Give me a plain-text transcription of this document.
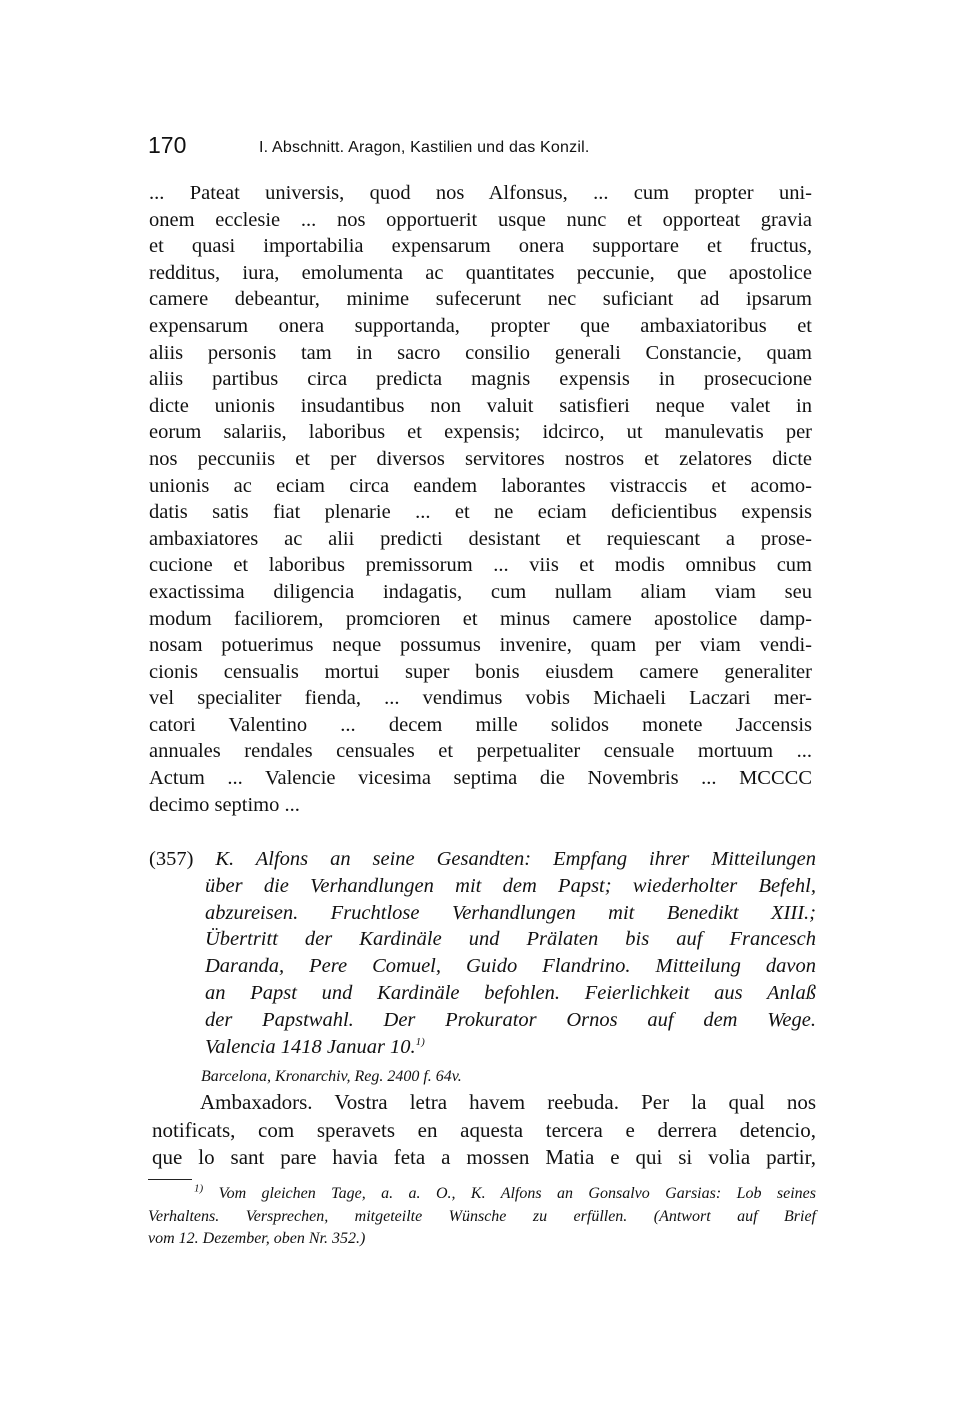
170	I. Abschnitt. Aragon, Kastilien und das Konzil.
... Pateat universis, quod nos Alfonsus, ... cum propter uni-
onem ecclesie ... nos opportuerit usque nunc et opporteat gravia
et quasi importabilia expensarum onera supportare et fructus,
redditus, iura, emolumenta ac quantitates peccunie, que apostolice
camere debeantur, minime sufecerunt nec suficiant ad ipsarum
expensarum onera supportanda, propter que ambaxiatoribus et
aliis personis tam in sacro consilio generali Constancie, quam
aliis partibus circa predicta magnis expensis in prosecucione
dicte unionis insudantibus non valuit satisfieri neque valet in
eorum salariis, laboribus et expensis; idcirco, ut manulevatis per
nos peccuniis et per diversos servitores nostros et zelatores dicte
unionis ac eciam circa eandem laborantes vistraccis et acomo-
datis satis fiat plenarie ... et ne eciam deficientibus expensis
ambaxiatores ac alii predicti desistant et requiescant a prose-
cucione et laboribus premissorum ... viis et modis omnibus cum
exactissima diligencia indagatis, cum nullam aliam viam seu
modum faciliorem, promcioren et minus camere apostolice damp-
nosam potuerimus neque possumus invenire, quam per viam vendi-
cionis censualis mortui super bonis eiusdem camere generaliter
vel specialiter fienda, ... vendimus vobis Michaeli Laczari mer-
catori Valentino ... decem mille solidos monete Jaccensis
annuales rendales censuales et perpetualiter censuale mortuum ...
Actum ... Valencie vicesima septima die Novembris ... MCCCC
decimo septimo ...
(357) K. Alfons an seine Gesandten: Empfang ihrer Mitteilungen
über die Verhandlungen mit dem Papst; wiederholter Befehl,
abzureisen. Fruchtlose Verhandlungen mit Benedikt XIII.;
Übertritt der Kardinäle und Prälaten bis auf Francesch
Daranda, Pere Comuel, Guido Flandrino. Mitteilung davon
an Papst und Kardinäle befohlen. Feierlichkeit aus Anlaß
der Papstwahl. Der Prokurator Ornos auf dem Wege.
Valencia 1418 Januar 10.$^{1)}$
Barcelona, Kronarchiv, Reg. 2400 f. 64v.
Ambaxadors. Vostra letra havem reebuda. Per la qual nos
notificats, com speravets en aquesta tercera e derrera detencio,
que lo sant pare havia feta a mossen Matia e qui si volia partir,
$^{1)}$ Vom gleichen Tage, a. a. O., K. Alfons an Gonsalvo Garsias: Lob seines
Verhaltens. Versprechen, mitgeteilte Wünsche zu erfüllen. (Antwort auf Brief
vom 12. Dezember, oben Nr. 352.)
